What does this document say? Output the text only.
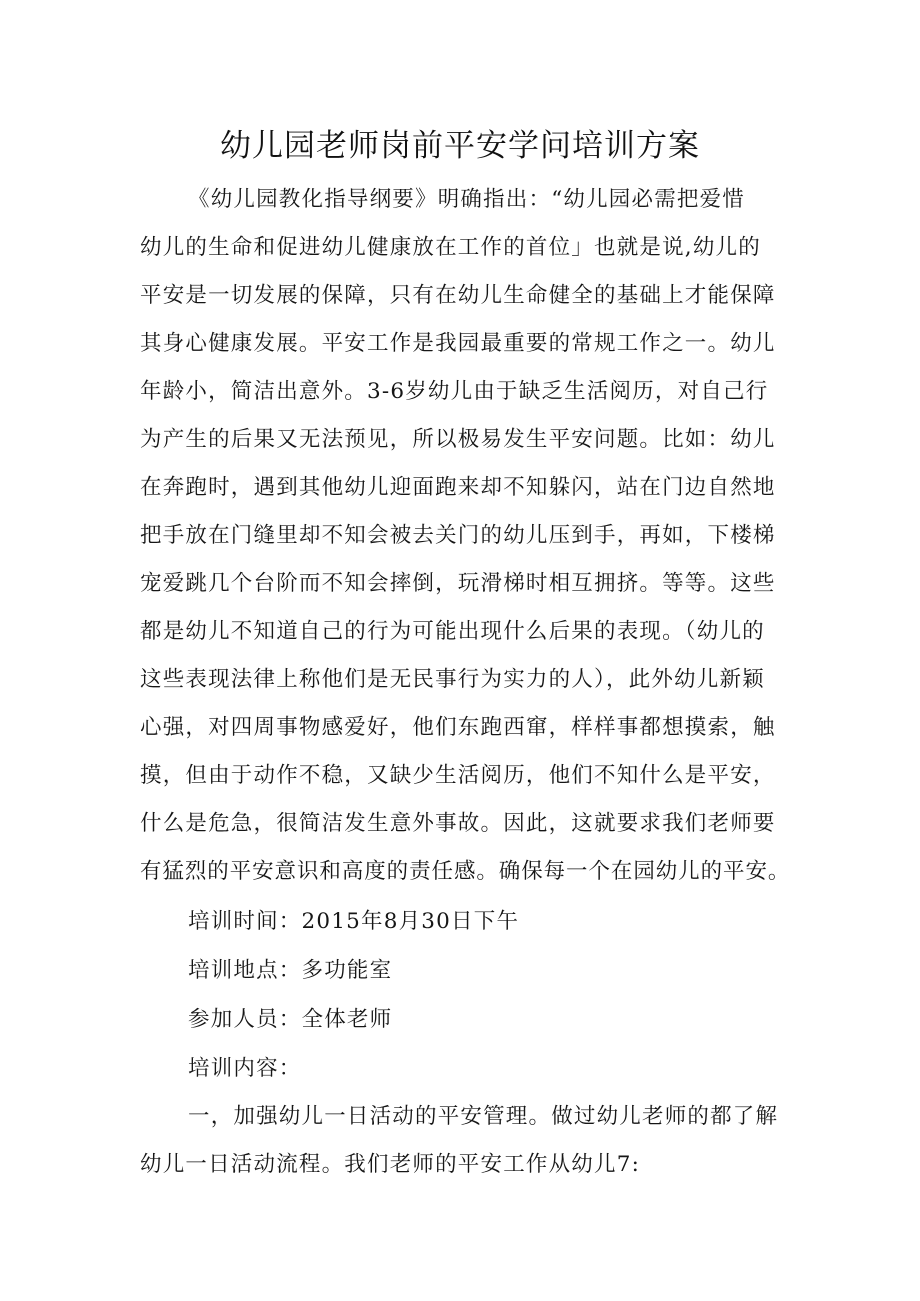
幼儿园老师岗前平安学问培训方案

《幼儿园教化指导纲要》明确指出：“幼儿园必需把爱惜

幼儿的生命和促进幼儿健康放在工作的首位」也就是说,幼儿的

平安是一切发展的保障，只有在幼儿生命健全的基础上才能保障

其身心健康发展。平安工作是我园最重要的常规工作之一。幼儿

年龄小，简洁出意外。3-6岁幼儿由于缺乏生活阅历，对自己行

为产生的后果又无法预见，所以极易发生平安问题。比如：幼儿

在奔跑时，遇到其他幼儿迎面跑来却不知躲闪，站在门边自然地

把手放在门缝里却不知会被去关门的幼儿压到手，再如，下楼梯

宠爱跳几个台阶而不知会摔倒，玩滑梯时相互拥挤。等等。这些

都是幼儿不知道自己的行为可能出现什么后果的表现。（幼儿的

这些表现法律上称他们是无民事行为实力的人），此外幼儿新颖

心强，对四周事物感爱好，他们东跑西窜，样样事都想摸索，触

摸，但由于动作不稳，又缺少生活阅历，他们不知什么是平安，

什么是危急，很简洁发生意外事故。因此，这就要求我们老师要

有猛烈的平安意识和高度的责任感。确保每一个在园幼儿的平安。

培训时间：2015年8月30日下午

培训地点：多功能室

参加人员：全体老师

培训内容：

一，加强幼儿一日活动的平安管理。做过幼儿老师的都了解

幼儿一日活动流程。我们老师的平安工作从幼儿7:
